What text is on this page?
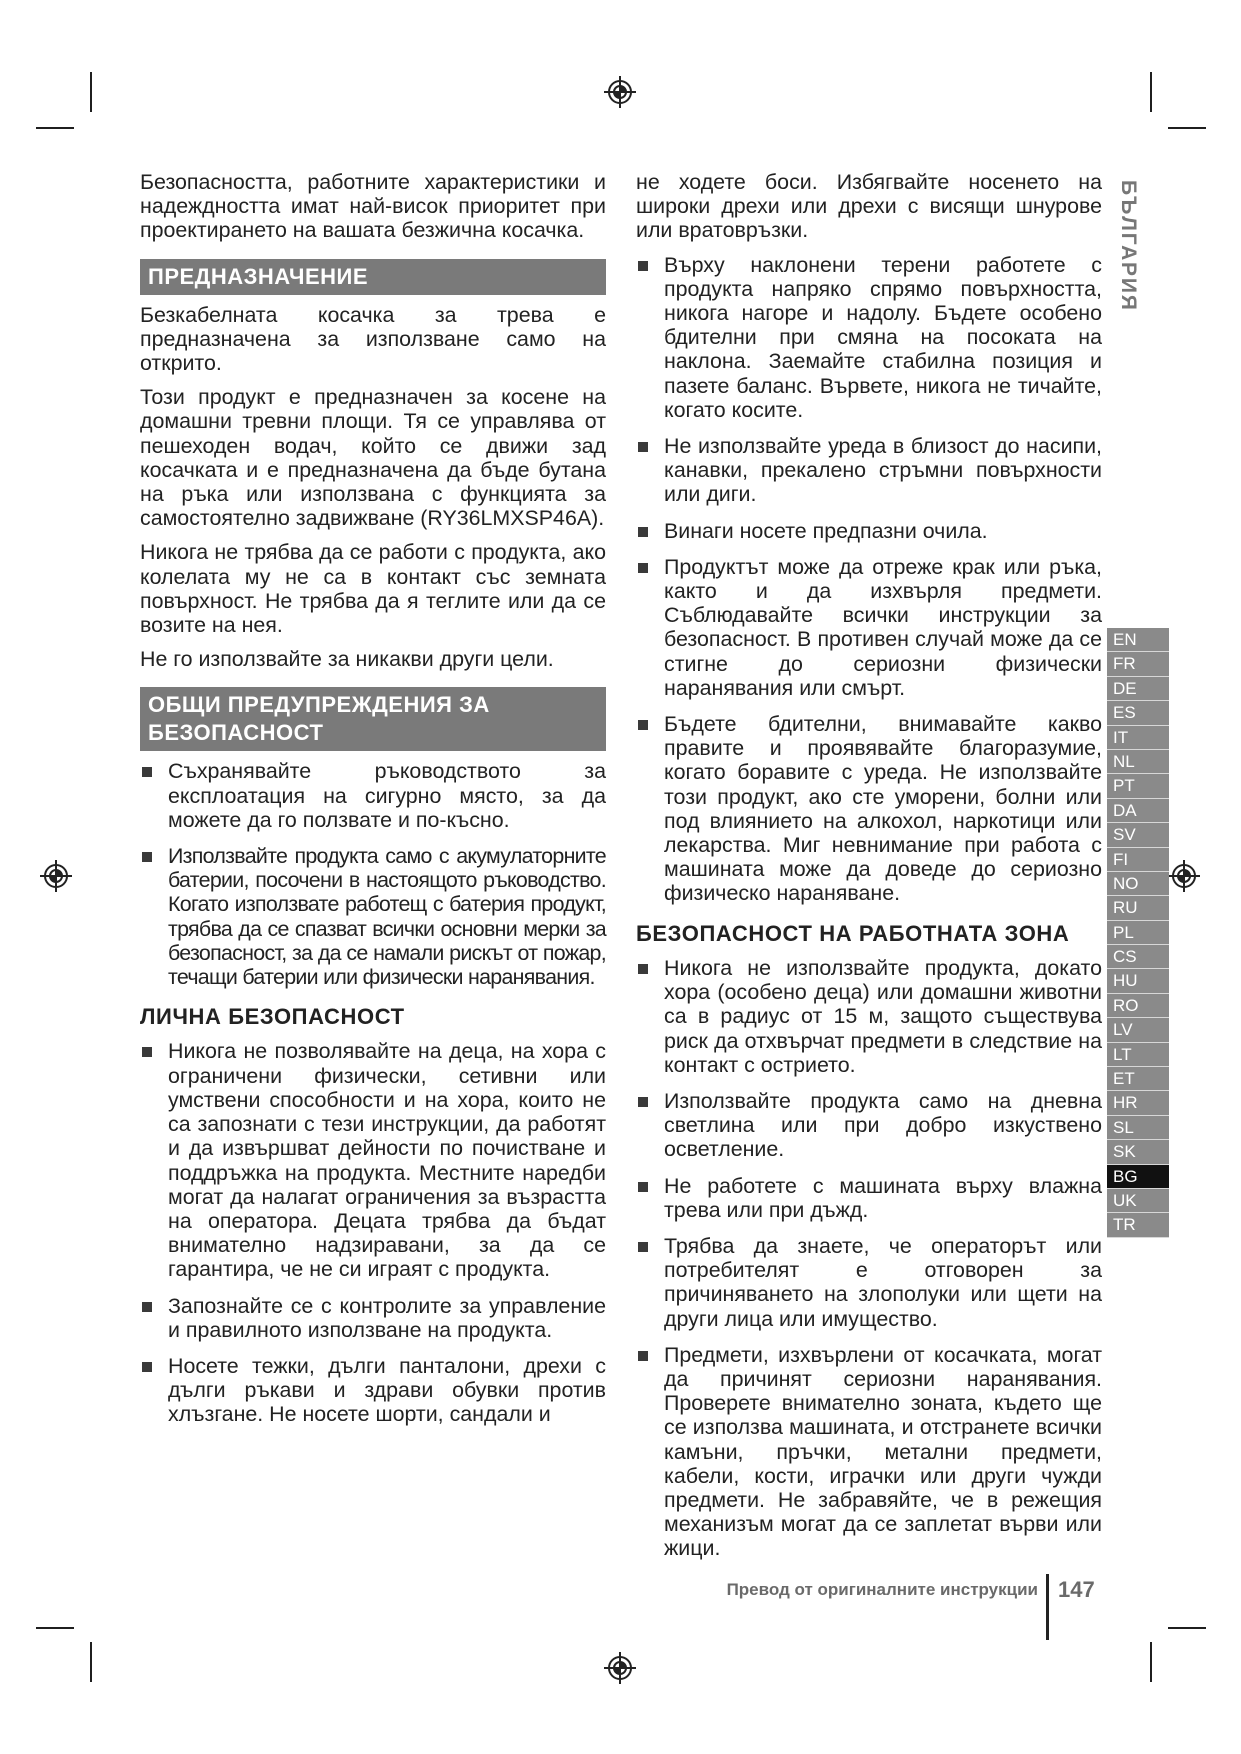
БЪЛГАРИЯ

Безопасността, работните характеристики и надеждността имат най-висок приоритет при проектирането на вашата безжична косачка.

ПРЕДНАЗНАЧЕНИЕ

Безкабелната косачка за трева е предназначена за използване само на открито.

Този продукт е предназначен за косене на домашни тревни площи. Тя се управлява от пешеходен водач, който се движи зад косачката и е предназначена да бъде бутана на ръка или използвана с функцията за самостоятелно задвижване (RY36LMXSP46A).

Никога не трябва да се работи с продукта, ако колелата му не са в контакт със земната повърхност. Не трябва да я теглите или да се возите на нея.

Не го използвайте за никакви други цели.

ОБЩИ ПРЕДУПРЕЖДЕНИЯ ЗА БЕЗОПАСНОСТ
Съхранявайте ръководството за експлоатация на сигурно място, за да можете да го ползвате и по-късно.
Използвайте продукта само с акумулаторните батерии, посочени в настоящото ръководство. Когато използвате работещ с батерия продукт, трябва да се спазват всички основни мерки за безопасност, за да се намали рискът от пожар, течащи батерии или физически наранявания.
ЛИЧНА БЕЗОПАСНОСТ
Никога не позволявайте на деца, на хора с ограничени физически, сетивни или умствени способности и на хора, които не са запознати с тези инструкции, да работят и да извършват дейности по почистване и поддръжка на продукта. Местните наредби могат да налагат ограничения за възрастта на оператора. Децата трябва да бъдат внимателно надзиравани, за да се гарантира, че не си играят с продукта.
Запознайте се с контролите за управление и правилното използване на продукта.
Носете тежки, дълги панталони, дрехи с дълги ръкави и здрави обувки против хлъзгане. Не носете шорти, сандали и

не ходете боси. Избягвайте носенето на широки дрехи или дрехи с висящи шнурове или вратовръзки.

Върху наклонени терени работете с продукта напряко спрямо повърхността, никога нагоре и надолу. Бъдете особено бдителни при смяна на посоката на наклона. Заемайте стабилна позиция и пазете баланс. Вървете, никога не тичайте, когато косите.
Не използвайте уреда в близост до насипи, канавки, прекалено стръмни повърхности или диги.
Винаги носете предпазни очила.
Продуктът може да отреже крак или ръка, както и да изхвърля предмети. Съблюдавайте всички инструкции за безопасност. В противен случай може да се стигне до сериозни физически наранявания или смърт.
Бъдете бдителни, внимавайте какво правите и проявявайте благоразумие, когато боравите с уреда. Не използвайте този продукт, ако сте уморени, болни или под влиянието на алкохол, наркотици или лекарства. Миг невнимание при работа с машината може да доведе до сериозно физическо нараняване.
БЕЗОПАСНОСТ НА РАБОТНАТА ЗОНА
Никога не използвайте продукта, докато хора (особено деца) или домашни животни са в радиус от 15 м, защото съществува риск да отхвърчат предмети в следствие на контакт с острието.
Използвайте продукта само на дневна светлина или при добро изкуствено осветление.
Не работете с машината върху влажна трева или при дъжд.
Трябва да знаете, че операторът или потребителят е отговорен за причиняването на злополуки или щети на други лица или имущество.
Предмети, изхвърлени от косачката, могат да причинят сериозни наранявания. Проверете внимателно зоната, където ще се използва машината, и отстранете всички камъни, пръчки, метални предмети, кабели, кости, играчки или други чужди предмети. Не забравяйте, че в режещия механизъм могат да се заплетат върви или жици.
EN
FR
DE
ES
IT
NL
PT
DA
SV
FI
NO
RU
PL
CS
HU
RO
LV
LT
ET
HR
SL
SK
BG
UK
TR
Превод от оригиналните инструкции 147
